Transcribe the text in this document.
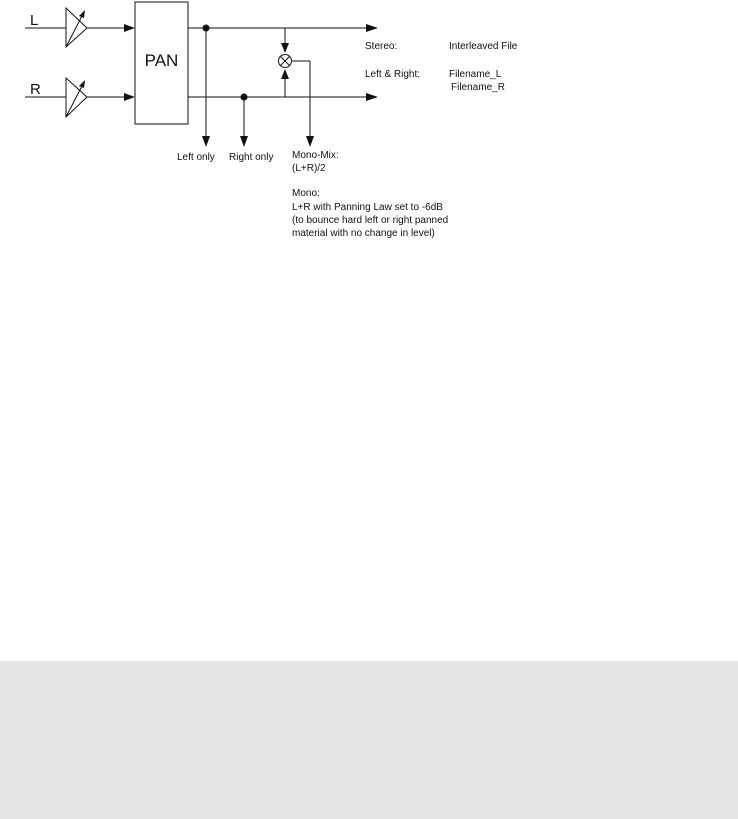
L
R
PAN
Left only Right only Mono-Mix:
(L+R)/2
Mono:
L+R with Panning Law set to -6dB
(to bounce hard left or right panned
material with no change in level)
Stereo:	Interleaved File
Left & Right:	Filename_L
Filename_R
